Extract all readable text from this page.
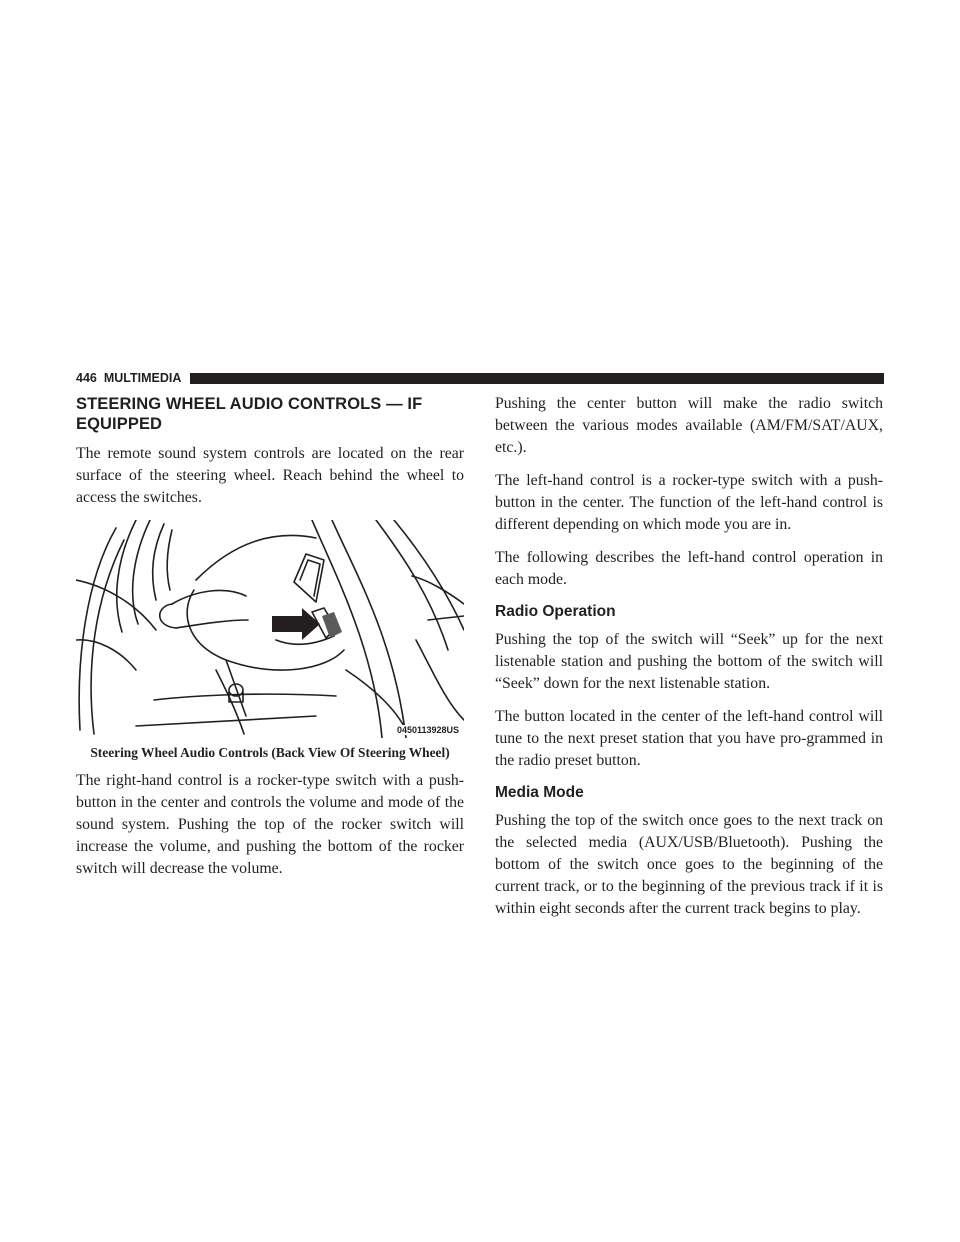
446 MULTIMEDIA
STEERING WHEEL AUDIO CONTROLS — IF EQUIPPED

The remote sound system controls are located on the rear surface of the steering wheel. Reach behind the wheel to access the switches.

0450113928US
Steering Wheel Audio Controls (Back View Of Steering Wheel)

The right-hand control is a rocker-type switch with a push-button in the center and controls the volume and mode of the sound system. Pushing the top of the rocker switch will increase the volume, and pushing the bottom of the rocker switch will decrease the volume.

Pushing the center button will make the radio switch between the various modes available (AM/FM/SAT/AUX, etc.).

The left-hand control is a rocker-type switch with a push-button in the center. The function of the left-hand control is different depending on which mode you are in.

The following describes the left-hand control operation in each mode.

Radio Operation

Pushing the top of the switch will “Seek” up for the next listenable station and pushing the bottom of the switch will “Seek” down for the next listenable station.

The button located in the center of the left-hand control will tune to the next preset station that you have pro-grammed in the radio preset button.

Media Mode

Pushing the top of the switch once goes to the next track on the selected media (AUX/USB/Bluetooth). Pushing the bottom of the switch once goes to the beginning of the current track, or to the beginning of the previous track if it is within eight seconds after the current track begins to play.
